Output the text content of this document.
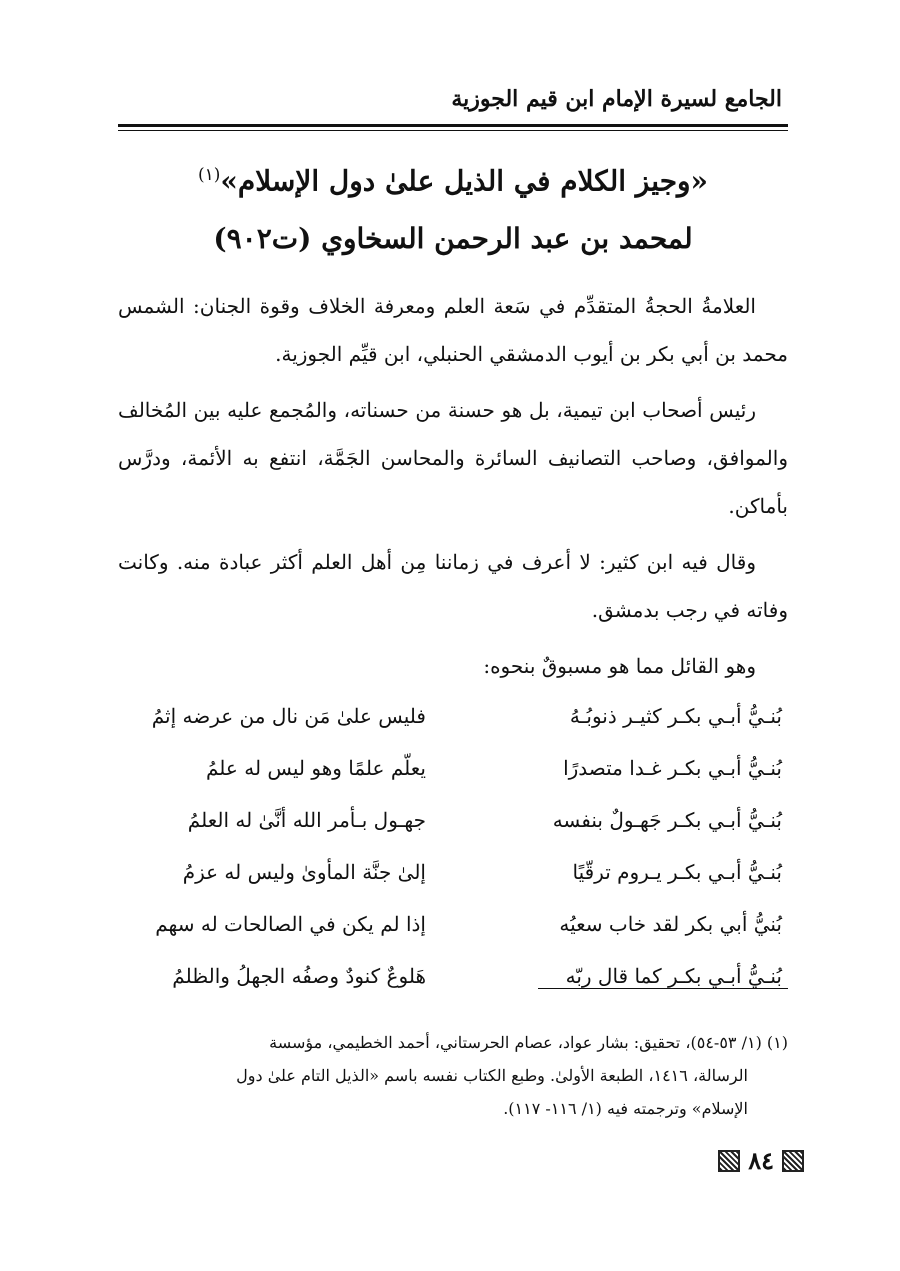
الجامع لسيرة الإمام ابن قيم الجوزية
«وجيز الكلام في الذيل علىٰ دول الإسلام»$^{(١)}$
لمحمد بن عبد الرحمن السخاوي (ت٩٠٢)

العلامةُ الحجةُ المتقدِّم في سَعة العلم ومعرفة الخلاف وقوة الجنان: الشمس محمد بن أبي بكر بن أيوب الدمشقي الحنبلي، ابن قيِّم الجوزية.

رئيس أصحاب ابن تيمية، بل هو حسنة من حسناته، والمُجمع عليه بين المُخالف والموافق، وصاحب التصانيف السائرة والمحاسن الجَمَّة، انتفع به الأئمة، ودرَّس بأماكن.

وقال فيه ابن كثير: لا أعرف في زماننا مِن أهل العلم أكثر عبادة منه. وكانت وفاته في رجب بدمشق.

وهو القائل مما هو مسبوقٌ بنحوه:

بُنـيُّ أبـي بكـر كثيـر ذنوبُـهُ
فليس علىٰ مَن نال من عرضه إثمُ
بُنـيُّ أبـي بكـر غـدا متصدرًا
يعلّم علمًا وهو ليس له علمُ
بُنـيُّ أبـي بكـر جَهـولٌ بنفسه
جهـول بـأمر الله أنَّىٰ له العلمُ
بُنـيُّ أبـي بكـر يـروم ترقّيًا
إلىٰ جنَّة المأوىٰ وليس له عزمُ
بُنيُّ أبي بكر لقد خاب سعيُه
إذا لم يكن في الصالحات له سهم
بُنـيُّ أبـي بكـر كما قال ربّه
هَلوعٌ كنودٌ وصفُه الجهلُ والظلمُ
(١) (١/ ٥٣-٥٤)، تحقيق: بشار عواد، عصام الحرستاني، أحمد الخطيمي، مؤسسة
الرسالة، ١٤١٦، الطبعة الأولىٰ. وطبع الكتاب نفسه باسم «الذيل التام علىٰ دول
الإسلام» وترجمته فيه (١/ ١١٦- ١١٧).
٨٤
